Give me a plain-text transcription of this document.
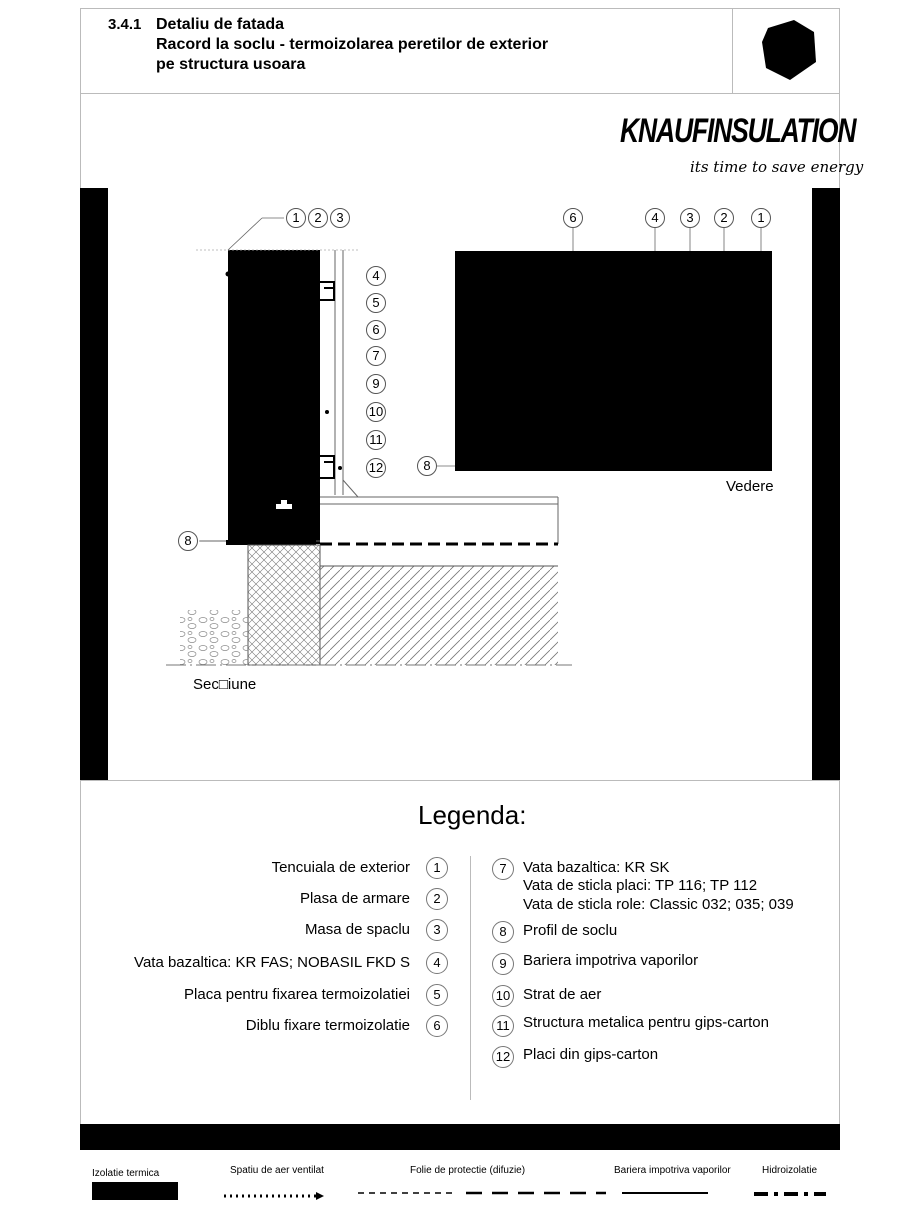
3.4.1 Detaliu de fatada
Racord la soclu - termoizolarea peretilor de exterior
pe structura usoara
KNAUFINSULATION
its time to save energy
1	2	3
4
5
6
7
9
10
11
12
8
6	4	3	2	1
8
Vedere
Sec□iune
Legenda:
Tencuiala de exterior	1
Plasa de armare	2
Masa de spaclu	3
Vata bazaltica: KR FAS; NOBASIL FKD S	4
Placa pentru fixarea termoizolatiei	5
Diblu fixare termoizolatie	6
7	Vata bazaltica: KR SK
Vata de sticla placi: TP 116; TP 112
Vata de sticla role: Classic 032; 035; 039
8	Profil de soclu
9	Bariera impotriva vaporilor
10 Strat de aer
11 Structura metalica pentru gips-carton
12 Placi din gips-carton
Izolatie termica	Spatiu de aer ventilat	Folie de protectie (difuzie)	Bariera impotriva vaporilor	Hidroizolatie
